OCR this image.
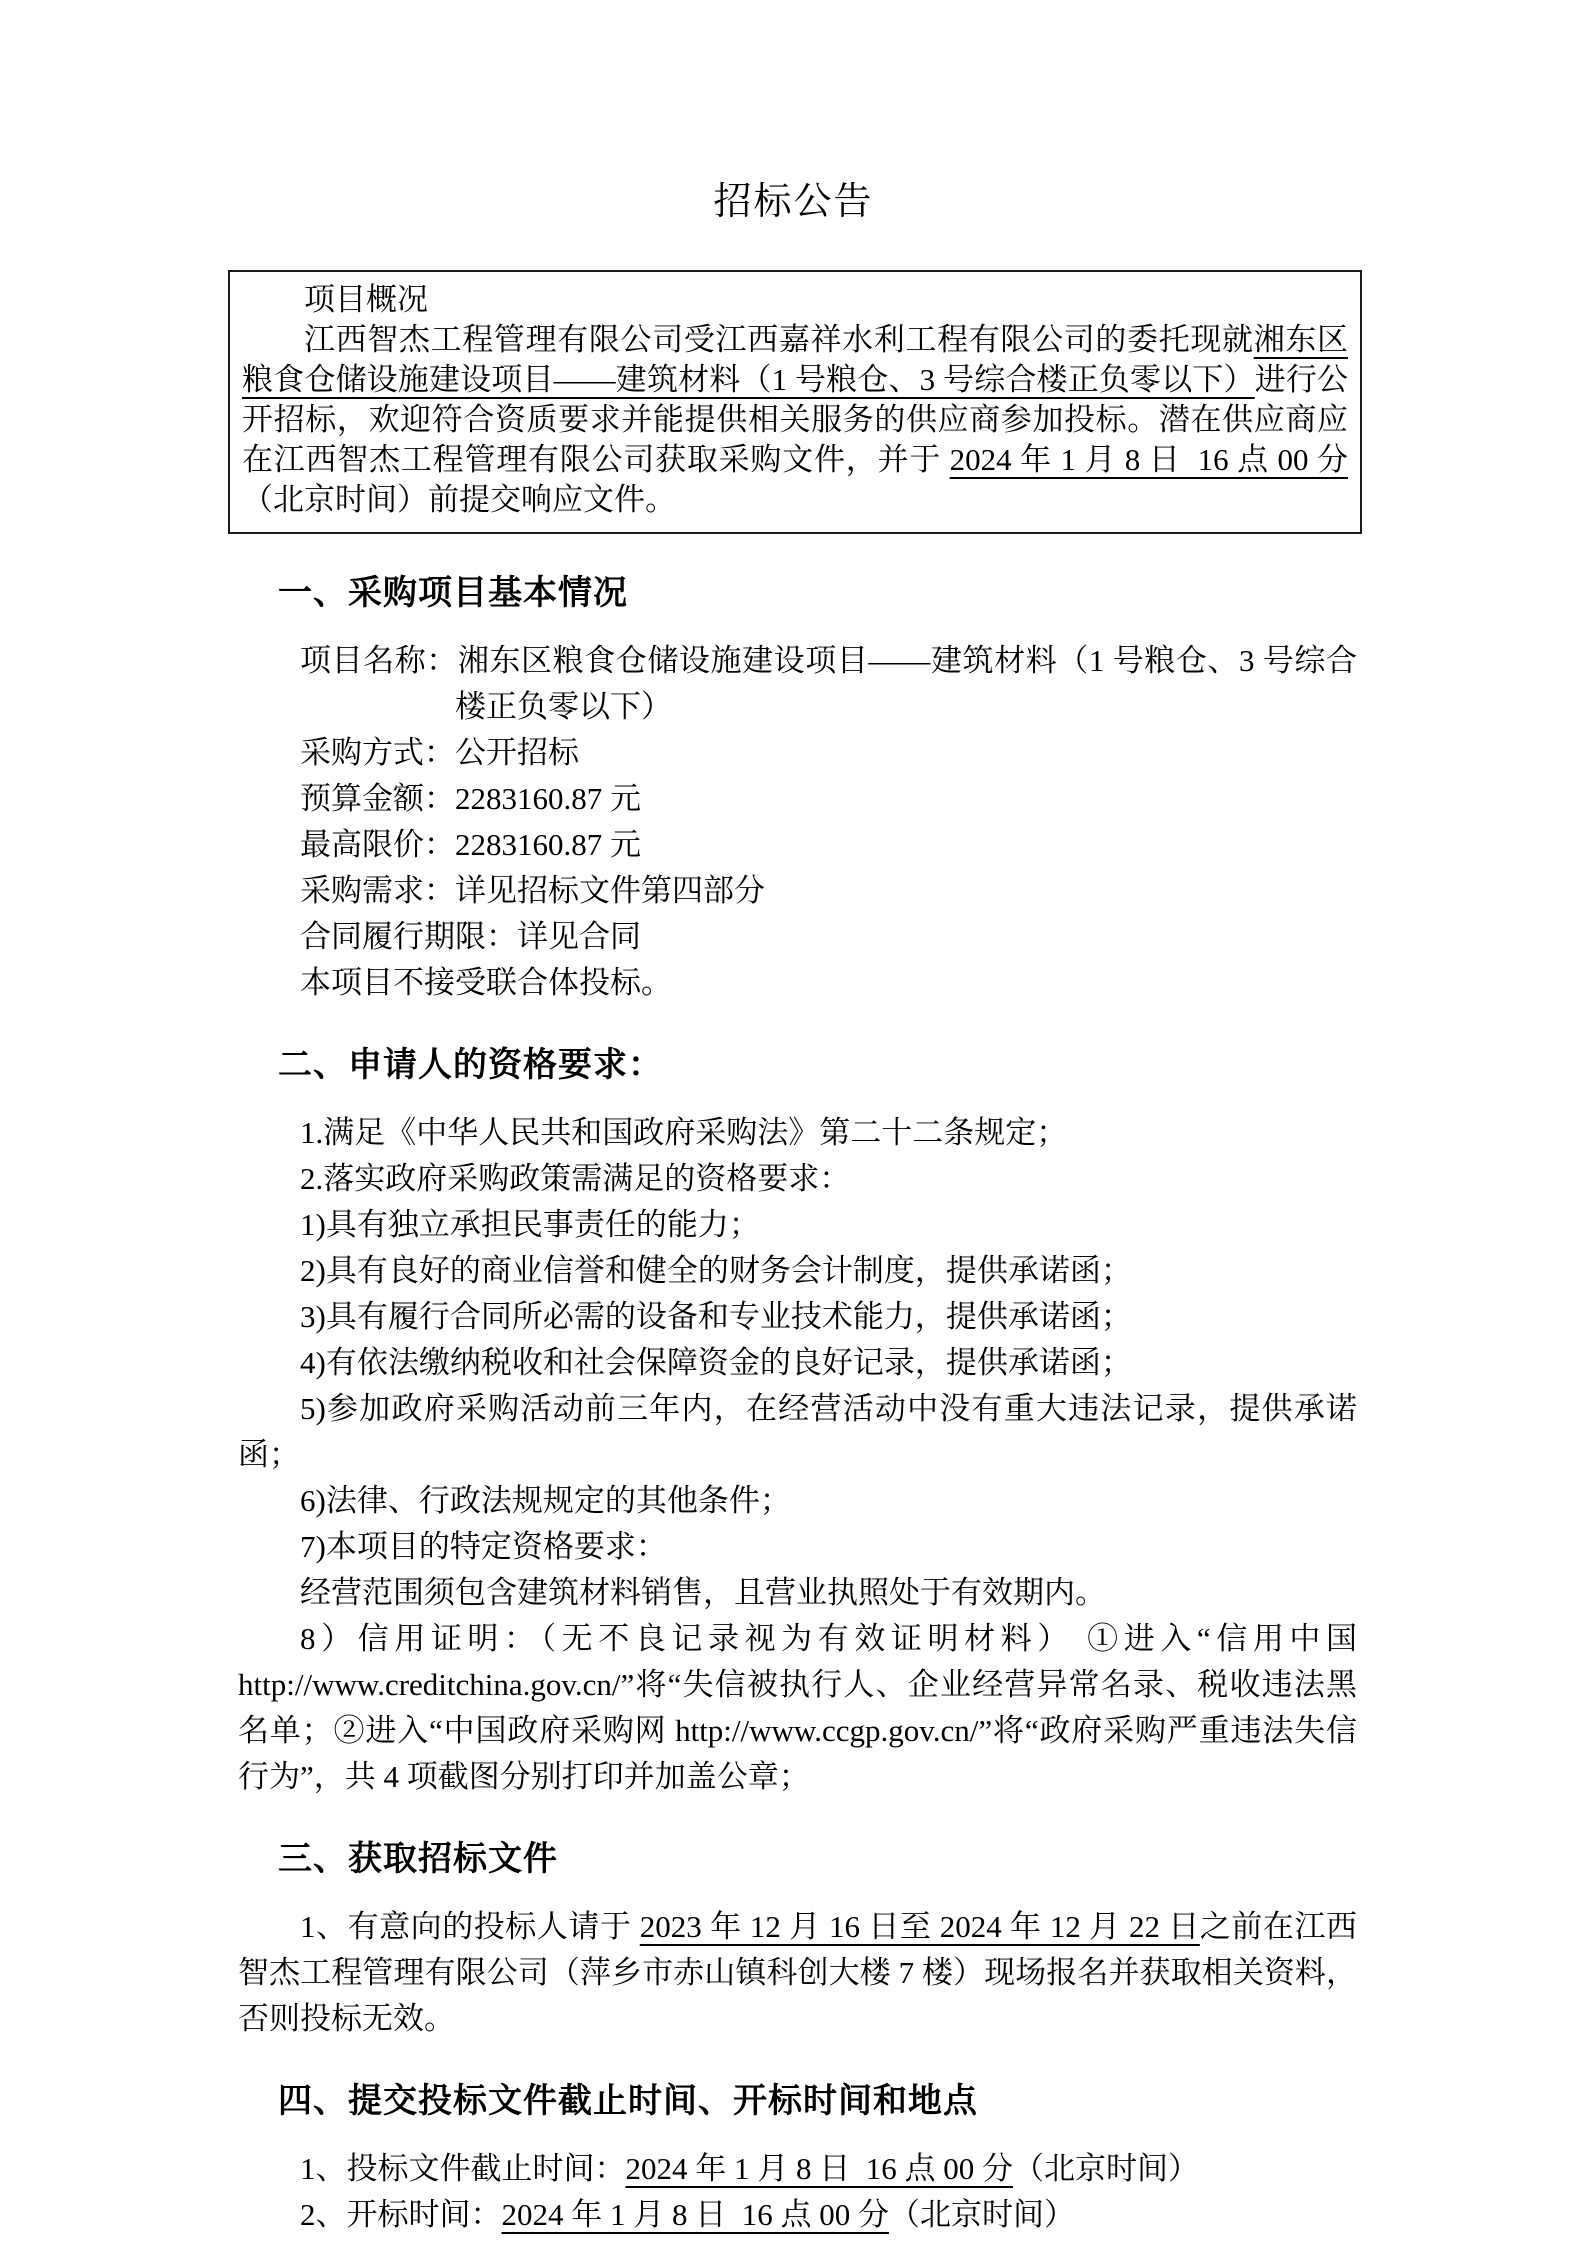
招标公告

项目概况

江西智杰工程管理有限公司受江西嘉祥水利工程有限公司的委托现就湘东区粮食仓储设施建设项目——建筑材料（1 号粮仓、3 号综合楼正负零以下）进行公开招标，欢迎符合资质要求并能提供相关服务的供应商参加投标。潜在供应商应在江西智杰工程管理有限公司获取采购文件，并于 2024 年 1 月 8 日  16 点 00 分（北京时间）前提交响应文件。

一、采购项目基本情况

项目名称：湘东区粮食仓储设施建设项目——建筑材料（1 号粮仓、3 号综合楼正负零以下）

采购方式：公开招标

预算金额：2283160.87 元

最高限价：2283160.87 元

采购需求：详见招标文件第四部分

合同履行期限：详见合同

本项目不接受联合体投标。

二、申请人的资格要求：

1.满足《中华人民共和国政府采购法》第二十二条规定；

2.落实政府采购政策需满足的资格要求：

1)具有独立承担民事责任的能力；

2)具有良好的商业信誉和健全的财务会计制度，提供承诺函；

3)具有履行合同所必需的设备和专业技术能力，提供承诺函；

4)有依法缴纳税收和社会保障资金的良好记录，提供承诺函；

5)参加政府采购活动前三年内，在经营活动中没有重大违法记录，提供承诺函；

6)法律、行政法规规定的其他条件；

7)本项目的特定资格要求：

经营范围须包含建筑材料销售，且营业执照处于有效期内。

8）信用证明：（无不良记录视为有效证明材料） ①进入“信用中国 http://www.creditchina.gov.cn/”将“失信被执行人、企业经营异常名录、税收违法黑名单；②进入“中国政府采购网 http://www.ccgp.gov.cn/”将“政府采购严重违法失信行为”，共 4 项截图分别打印并加盖公章；

三、获取招标文件

1、有意向的投标人请于 2023 年 12 月 16 日至 2024 年 12 月 22 日之前在江西智杰工程管理有限公司（萍乡市赤山镇科创大楼 7 楼）现场报名并获取相关资料，否则投标无效。

四、提交投标文件截止时间、开标时间和地点

1、投标文件截止时间：2024 年 1 月 8 日  16 点 00 分（北京时间）

2、开标时间：2024 年 1 月 8 日  16 点 00 分（北京时间）
